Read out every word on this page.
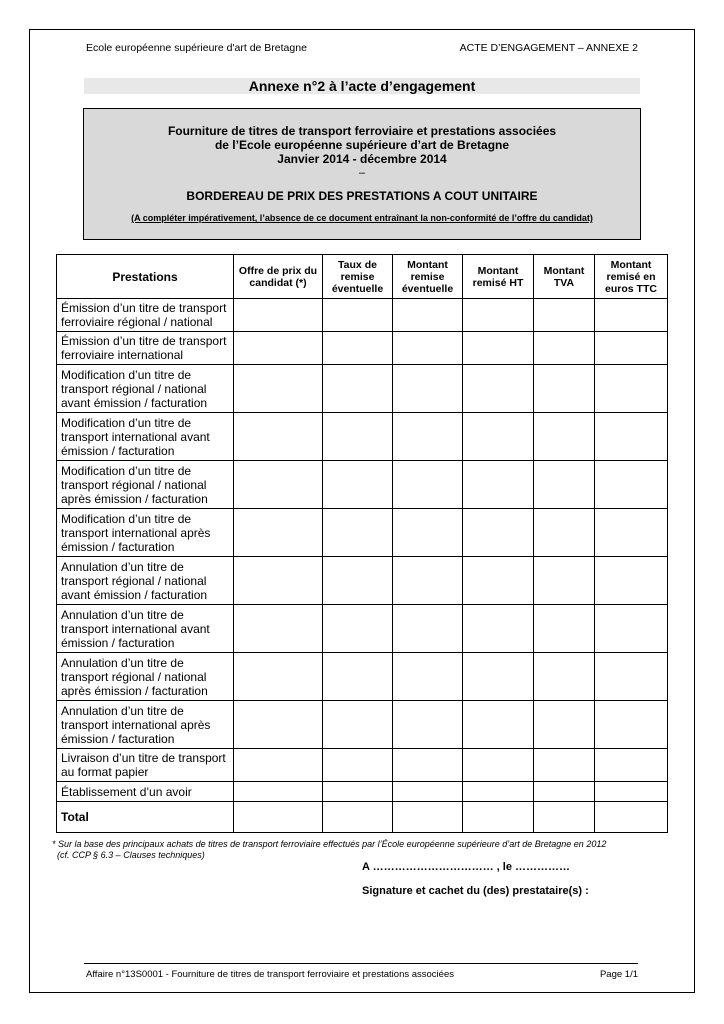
Ecole européenne supérieure d'art de Bretagne	ACTE D’ENGAGEMENT – ANNEXE 2
Annexe n°2 à l’acte d’engagement
Fourniture de titres de transport ferroviaire et prestations associées
de l’Ecole européenne supérieure d’art de Bretagne
Janvier 2014 - décembre 2014
–
BORDEREAU DE PRIX DES PRESTATIONS A COUT UNITAIRE
(A compléter impérativement, l’absence de ce document entraînant la non-conformité de l’offre du candidat)
Prestations	Offre de prix du candidat (*)	Taux de remise éventuelle	Montant remise éventuelle	Montant remisé HT	Montant TVA	Montant remisé en euros TTC
Émission d’un titre de transport ferroviaire régional / national						
Émission d’un titre de transport ferroviaire international						
Modification d’un titre de transport régional / national avant émission / facturation						
Modification d’un titre de transport international avant émission / facturation						
Modification d’un titre de transport régional / national après émission / facturation						
Modification d’un titre de transport international après émission / facturation						
Annulation d’un titre de transport régional / national avant émission / facturation						
Annulation d’un titre de transport international avant émission / facturation						
Annulation d’un titre de transport régional / national après émission / facturation						
Annulation d’un titre de transport international après émission / facturation						
Livraison d’un titre de transport au format papier						
Établissement d’un avoir						
Total						
* Sur la base des principaux achats de titres de transport ferroviaire effectués par l’École européenne supérieure d’art de Bretagne en 2012
(cf. CCP § 6.3 – Clauses techniques)
A …………………………… , le ……………
Signature et cachet du (des) prestataire(s) :
Affaire n°13S0001 - Fourniture de titres de transport ferroviaire et prestations associées	Page 1/1
